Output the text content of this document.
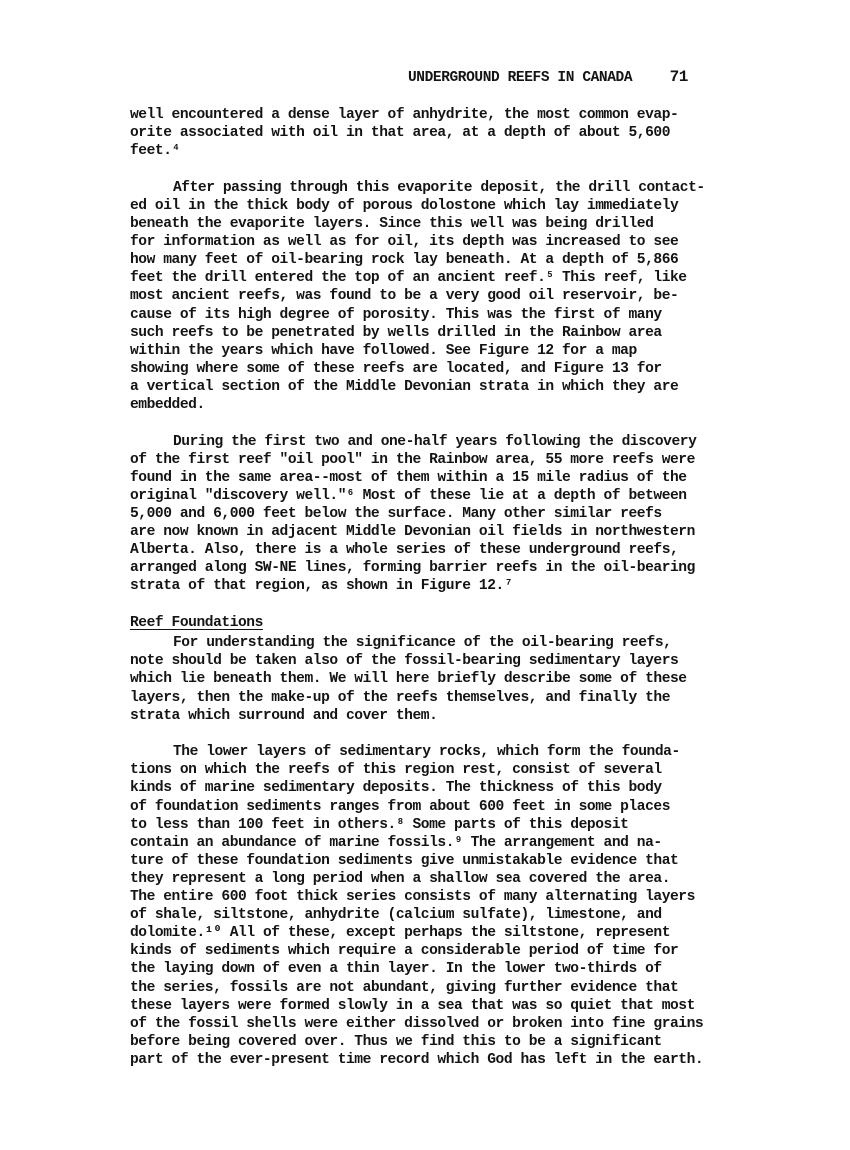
UNDERGROUND REEFS IN CANADA 71
well encountered a dense layer of anhydrite, the most common evap-
orite associated with oil in that area, at a depth of about 5,600
feet.⁴
After passing through this evaporite deposit, the drill contact-
ed oil in the thick body of porous dolostone which lay immediately
beneath the evaporite layers. Since this well was being drilled
for information as well as for oil, its depth was increased to see
how many feet of oil-bearing rock lay beneath. At a depth of 5,866
feet the drill entered the top of an ancient reef.⁵ This reef, like
most ancient reefs, was found to be a very good oil reservoir, be-
cause of its high degree of porosity. This was the first of many
such reefs to be penetrated by wells drilled in the Rainbow area
within the years which have followed. See Figure 12 for a map
showing where some of these reefs are located, and Figure 13 for
a vertical section of the Middle Devonian strata in which they are
embedded.
During the first two and one-half years following the discovery
of the first reef "oil pool" in the Rainbow area, 55 more reefs were
found in the same area--most of them within a 15 mile radius of the
original "discovery well."⁶ Most of these lie at a depth of between
5,000 and 6,000 feet below the surface. Many other similar reefs
are now known in adjacent Middle Devonian oil fields in northwestern
Alberta. Also, there is a whole series of these underground reefs,
arranged along SW-NE lines, forming barrier reefs in the oil-bearing
strata of that region, as shown in Figure 12.⁷
Reef Foundations
For understanding the significance of the oil-bearing reefs,
note should be taken also of the fossil-bearing sedimentary layers
which lie beneath them. We will here briefly describe some of these
layers, then the make-up of the reefs themselves, and finally the
strata which surround and cover them.
The lower layers of sedimentary rocks, which form the founda-
tions on which the reefs of this region rest, consist of several
kinds of marine sedimentary deposits. The thickness of this body
of foundation sediments ranges from about 600 feet in some places
to less than 100 feet in others.⁸ Some parts of this deposit
contain an abundance of marine fossils.⁹ The arrangement and na-
ture of these foundation sediments give unmistakable evidence that
they represent a long period when a shallow sea covered the area.
The entire 600 foot thick series consists of many alternating layers
of shale, siltstone, anhydrite (calcium sulfate), limestone, and
dolomite.¹⁰ All of these, except perhaps the siltstone, represent
kinds of sediments which require a considerable period of time for
the laying down of even a thin layer. In the lower two-thirds of
the series, fossils are not abundant, giving further evidence that
these layers were formed slowly in a sea that was so quiet that most
of the fossil shells were either dissolved or broken into fine grains
before being covered over. Thus we find this to be a significant
part of the ever-present time record which God has left in the earth.
